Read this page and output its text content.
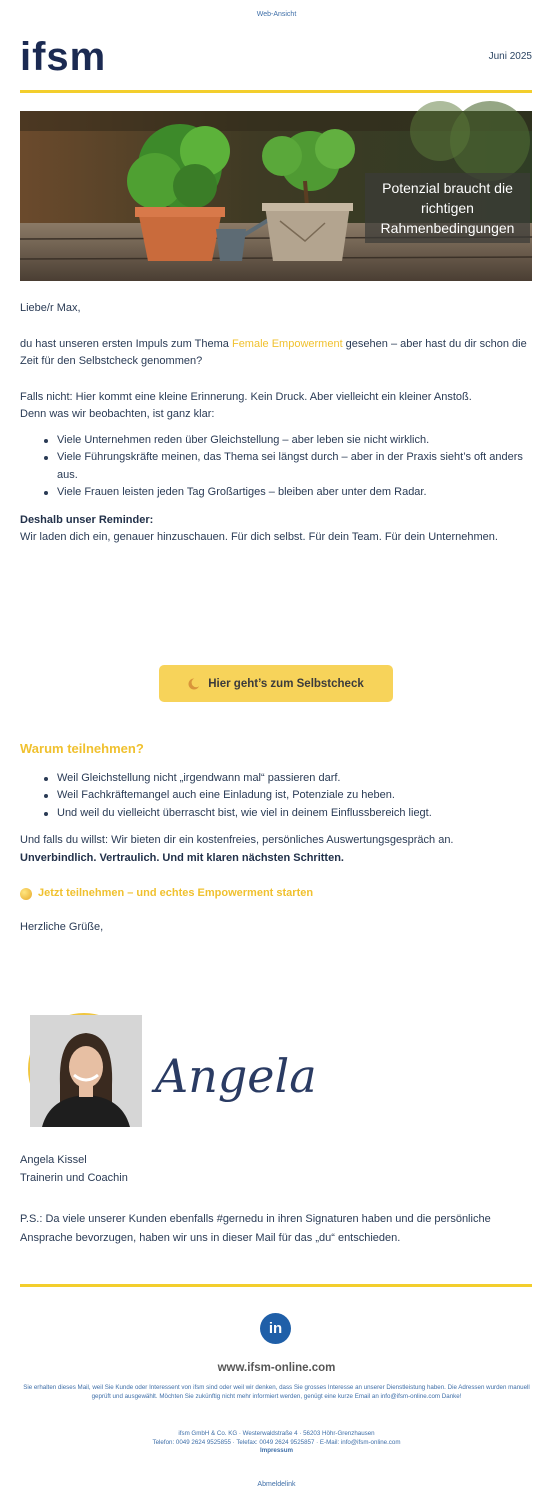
Web-Ansicht
ifsm	Juni 2025
Potenzial braucht die richtigen Rahmenbedingungen

Liebe/r Max,

du hast unseren ersten Impuls zum Thema Female Empowerment gesehen – aber hast du dir schon die Zeit für den Selbstcheck genommen?

Falls nicht: Hier kommt eine kleine Erinnerung. Kein Druck. Aber vielleicht ein kleiner Anstoß.

Denn was wir beobachten, ist ganz klar:

Viele Unternehmen reden über Gleichstellung – aber leben sie nicht wirklich.
Viele Führungskräfte meinen, das Thema sei längst durch – aber in der Praxis sieht’s oft anders aus.
Viele Frauen leisten jeden Tag Großartiges – bleiben aber unter dem Radar.

Deshalb unser Reminder:

Wir laden dich ein, genauer hinzuschauen. Für dich selbst. Für dein Team. Für dein Unternehmen.

Hier geht’s zum Selbstcheck

Warum teilnehmen?

Weil Gleichstellung nicht „irgendwann mal“ passieren darf.
Weil Fachkräftemangel auch eine Einladung ist, Potenziale zu heben.
Und weil du vielleicht überrascht bist, wie viel in deinem Einflussbereich liegt.

Und falls du willst: Wir bieten dir ein kostenfreies, persönliches Auswertungsgespräch an.

Unverbindlich. Vertraulich. Und mit klaren nächsten Schritten.

Jetzt teilnehmen – und echtes Empowerment starten

Herzliche Grüße,

Angela

Angela Kissel

Trainerin und Coachin

P.S.: Da viele unserer Kunden ebenfalls #gernedu in ihren Signaturen haben und die persönliche Ansprache bevorzugen, haben wir uns in dieser Mail für das „du“ entschieden.

in
www.ifsm-online.com
Sie erhalten dieses Mail, weil Sie Kunde oder Interessent von ifsm sind oder weil wir denken, dass Sie grosses Interesse an unserer Dienstleistung haben. Die Adressen wurden manuell geprüft und ausgewählt. Möchten Sie zukünftig nicht mehr informiert werden, genügt eine kurze Email an info@ifsm-online.com Danke!

ifsm GmbH & Co. KG · Westerwaldstraße 4 · 56203 Höhr-Grenzhausen

Telefon: 0049 2624 9525855 · Telefax: 0049 2624 9525857 · E-Mail: info@ifsm-online.com

Impressum

Abmeldelink
